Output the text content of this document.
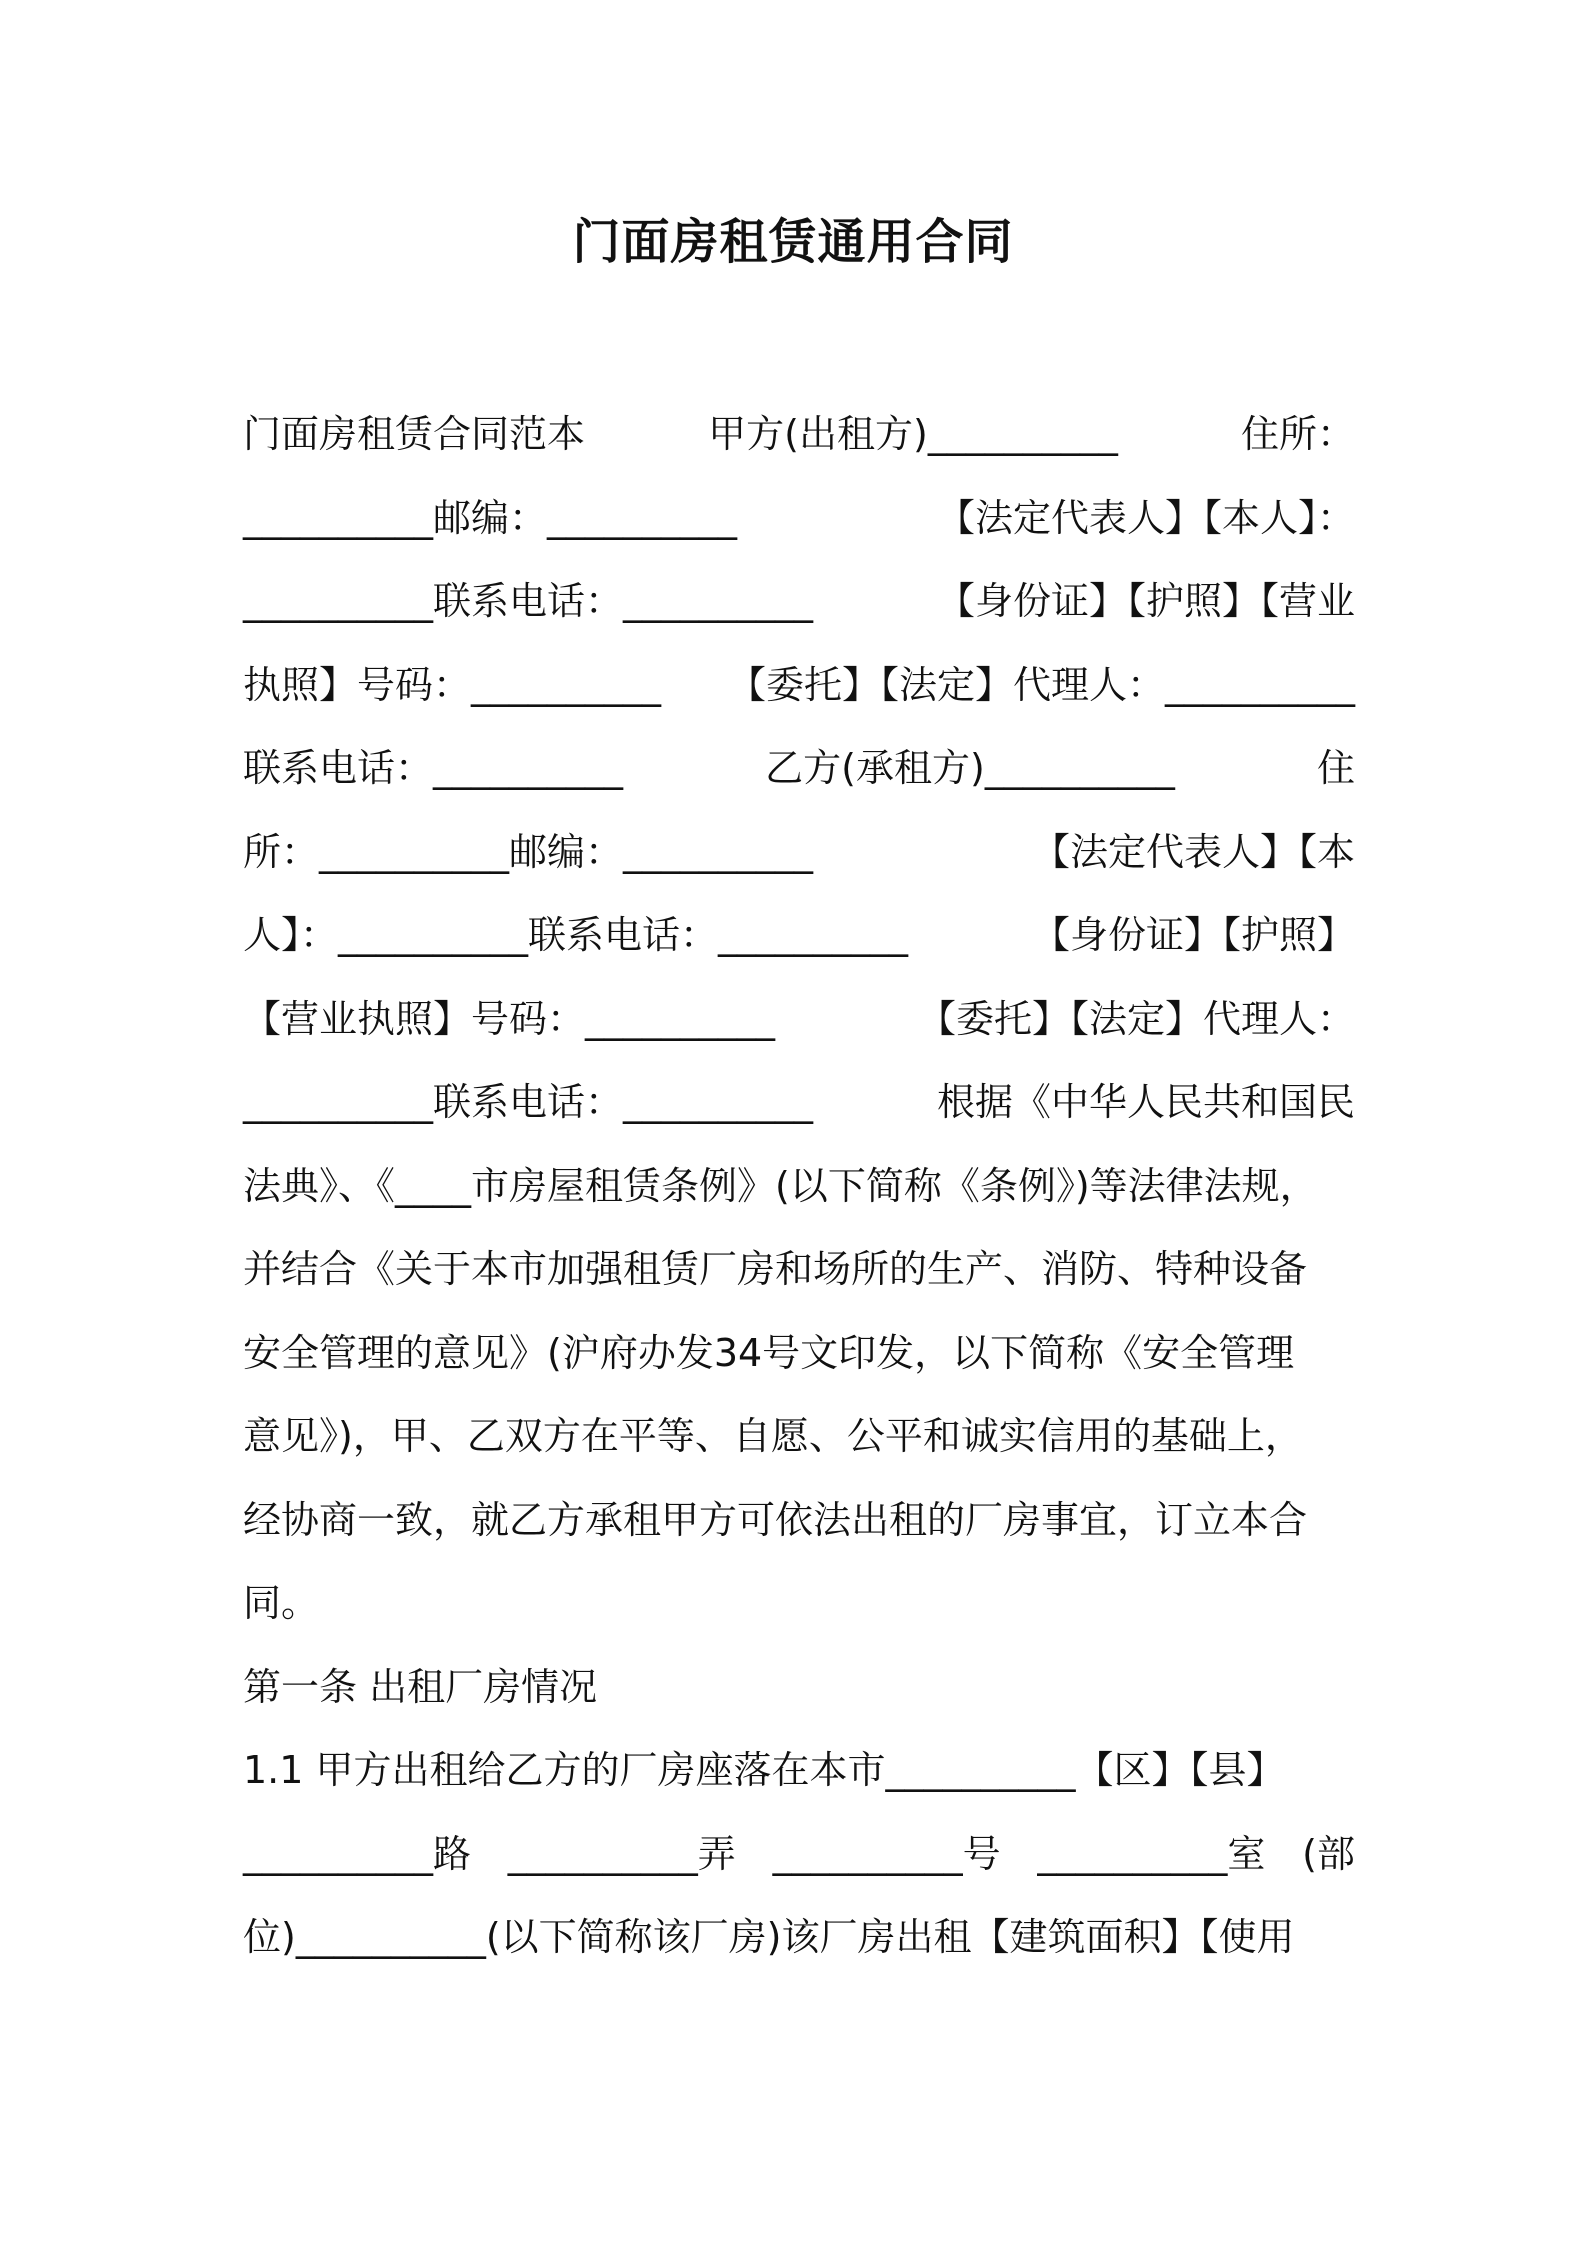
门面房租赁通用合同
门面房租赁合同范本	甲方(出租方)__________	住所：
__________邮编：__________	【法定代表人】【本人】：
__________联系电话：__________	【身份证】【护照】【营业
执照】号码：__________ 【委托】【法定】代理人：__________
联系电话：__________	乙方(承租方)__________	住
所：__________邮编：__________	【法定代表人】【本
人】：__________联系电话：__________	【身份证】【护照】
【营业执照】号码：__________	【委托】【法定】代理人：
__________联系电话：__________	根据《中华人民共和国民
法典》、《____市房屋租赁条例》(以下简称《条例》)等法律法规，
并结合《关于本市加强租赁厂房和场所的生产、消防、特种设备
安全管理的意见》(沪府办发34号文印发，以下简称《安全管理
意见》)，甲、乙双方在平等、自愿、公平和诚实信用的基础上，
经协商一致，就乙方承租甲方可依法出租的厂房事宜，订立本合
同。
第一条 出租厂房情况
1.1 甲方出租给乙方的厂房座落在本市__________【区】【县】
__________路 __________弄 __________号 __________室 (部
位)__________(以下简称该厂房)该厂房出租【建筑面积】【使用
